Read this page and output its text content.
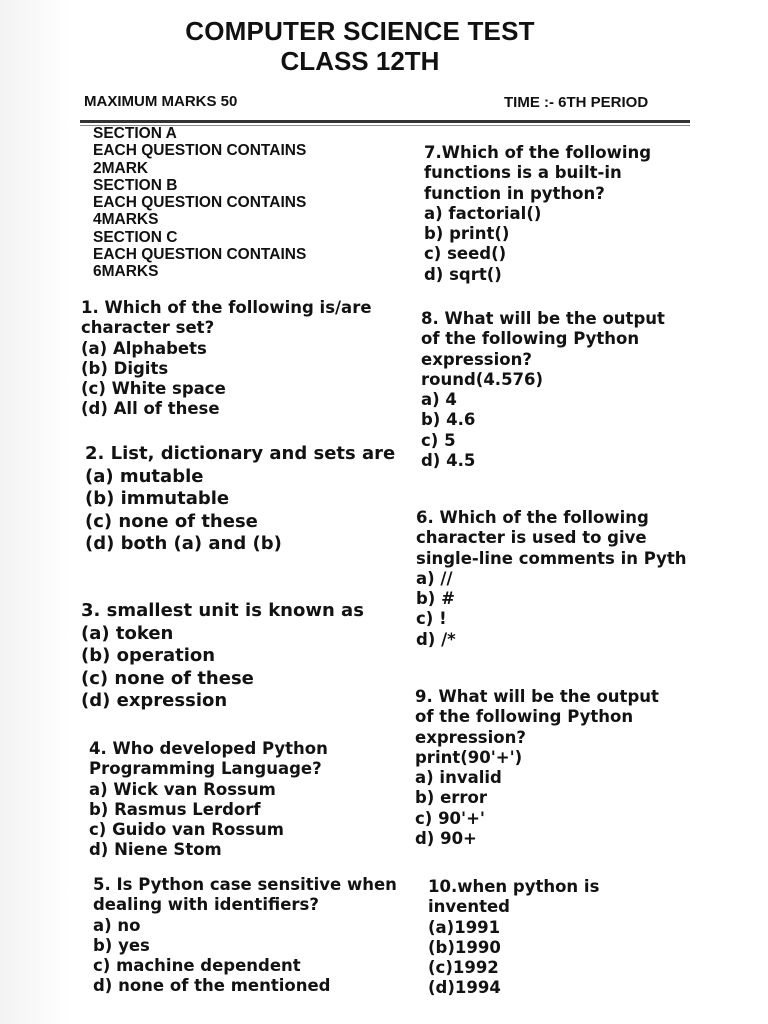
COMPUTER SCIENCE TEST
CLASS 12TH
MAXIMUM MARKS 50	TIME :- 6TH PERIOD
SECTION A
EACH QUESTION CONTAINS
2MARK
SECTION B
EACH QUESTION CONTAINS
4MARKS
SECTION C
EACH QUESTION CONTAINS
6MARKS
1. Which of the following is/are
character set?
(a) Alphabets
(b) Digits
(c) White space
(d) All of these
2. List, dictionary and sets are
(a) mutable
(b) immutable
(c) none of these
(d) both (a) and (b)
3. smallest unit is known as
(a) token
(b) operation
(c) none of these
(d) expression
4. Who developed Python
Programming Language?
a) Wick van Rossum
b) Rasmus Lerdorf
c) Guido van Rossum
d) Niene Stom
5. Is Python case sensitive when
dealing with identifiers?
a) no
b) yes
c) machine dependent
d) none of the mentioned
7.Which of the following
functions is a built-in
function in python?
a) factorial()
b) print()
c) seed()
d) sqrt()
8. What will be the output
of the following Python
expression?
round(4.576)
a) 4
b) 4.6
c) 5
d) 4.5
6. Which of the following
character is used to give
single-line comments in Pyth
a) //
b) #
c) !
d) /*
9. What will be the output
of the following Python
expression?
print(90'+')
a) invalid
b) error
c) 90'+'
d) 90+
10.when python is
invented
(a)1991
(b)1990
(c)1992
(d)1994
